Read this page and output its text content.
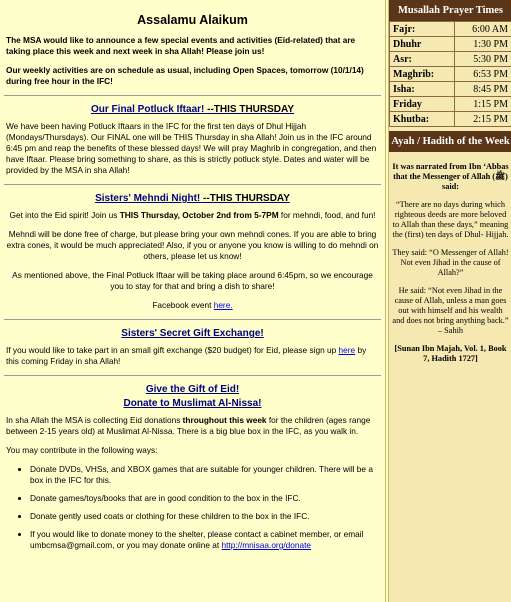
Assalamu Alaikum

The MSA would like to announce a few special events and activities (Eid-related) that are taking place this week and next week in sha Allah! Please join us!

Our weekly activities are on schedule as usual, including Open Spaces, tomorrow (10/1/14) during free hour in the IFC!

Our Final Potluck Iftaar! --THIS THURSDAY

We have been having Potluck Iftaars in the IFC for the first ten days of Dhul Hijjah (Mondays/Thursdays). Our FINAL one will be THIS Thursday in sha Allah! Join us in the IFC around 6:45 pm and reap the benefits of these blessed days! We will pray Maghrib in congregation, and then have Iftaar. Please bring something to share, as this is strictly potluck style. Dates and water will be provided by the MSA in sha Allah!

Sisters' Mehndi Night! --THIS THURSDAY

Get into the Eid spirit! Join us THIS Thursday, October 2nd from 5-7PM for mehndi, food, and fun!

Mehndi will be done free of charge, but please bring your own mehndi cones. If you are able to bring extra cones, it would be much appreciated! Also, if you or anyone you know is willing to do mehndi on others, please let us know!

As mentioned above, the Final Potluck Iftaar will be taking place around 6:45pm, so we encourage you to stay for that and bring a dish to share!

Facebook event here.

Sisters' Secret Gift Exchange!

If you would like to take part in an small gift exchange ($20 budget) for Eid, please sign up here by this coming Friday in sha Allah!

Give the Gift of Eid!
Donate to Muslimat Al-Nissa!

In sha Allah the MSA is collecting Eid donations throughout this week for the children (ages range between 2-15 years old) at Muslimat Al-Nissa. There is a big blue box in the IFC, as you walk in.

You may contribute in the following ways:

• Donate DVDs, VHSs, and XBOX games that are suitable for younger children. There will be a box in the IFC for this.
• Donate games/toys/books that are in good condition to the box in the IFC.
• Donate gently used coats or clothing for these children to the box in the IFC.
• If you would like to donate money to the shelter, please contact a cabinet member, or email umbcmsa@gmail.com, or you may donate online at http://mnisaa.org/donate
Musallah Prayer Times
Fajr:	6:00 AM
Dhuhr	1:30 PM
Asr:	5:30 PM
Maghrib:	6:53 PM
Isha:	8:45 PM
Friday	1:15 PM
Khutba:	2:15 PM
Ayah / Hadith of the Week

It was narrated from Ibn ‘Abbas that the Messenger of Allah (ﷺ) said:

“There are no days during which righteous deeds are more beloved to Allah than these days,” meaning the (first) ten days of Dhul- Hijjah.

They said: “O Messenger of Allah! Not even Jihad in the cause of Allah?”

He said: “Not even Jihad in the cause of Allah, unless a man goes out with himself and his wealth and does not bring anything back.” – Sahih

[Sunan Ibn Majah, Vol. 1, Book 7, Hadith 1727]
